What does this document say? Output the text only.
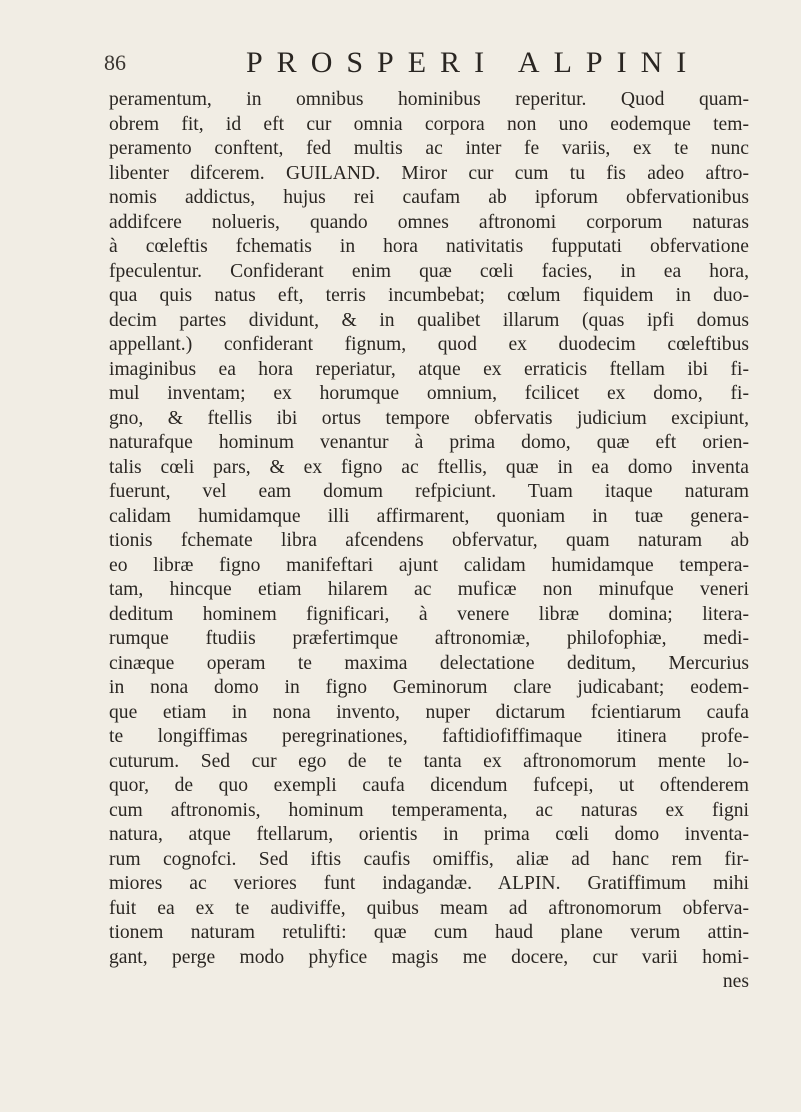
86	PROSPERI ALPINI
peramentum, in omnibus hominibus reperitur. Quod quam-
obrem fit, id eft cur omnia corpora non uno eodemque tem-
peramento conftent, fed multis ac inter fe variis, ex te nunc
libenter difcerem. GUILAND. Miror cur cum tu fis adeo aftro-
nomis addictus, hujus rei caufam ab ipforum obfervationibus
addifcere nolueris, quando omnes aftronomi corporum naturas
à cœleftis fchematis in hora nativitatis fupputati obfervatione
fpeculentur. Confiderant enim quæ cœli facies, in ea hora,
qua quis natus eft, terris incumbebat; cœlum fiquidem in duo-
decim partes dividunt, & in qualibet illarum (quas ipfi domus
appellant.) confiderant fignum, quod ex duodecim cœleftibus
imaginibus ea hora reperiatur, atque ex erraticis ftellam ibi fi-
mul inventam; ex horumque omnium, fcilicet ex domo, fi-
gno, & ftellis ibi ortus tempore obfervatis judicium excipiunt,
naturafque hominum venantur à prima domo, quæ eft orien-
talis cœli pars, & ex figno ac ftellis, quæ in ea domo inventa
fuerunt, vel eam domum refpiciunt. Tuam itaque naturam
calidam humidamque illi affirmarent, quoniam in tuæ genera-
tionis fchemate libra afcendens obfervatur, quam naturam ab
eo libræ figno manifeftari ajunt calidam humidamque tempera-
tam, hincque etiam hilarem ac muficæ non minufque veneri
deditum hominem fignificari, à venere libræ domina; litera-
rumque ftudiis præfertimque aftronomiæ, philofophiæ, medi-
cinæque operam te maxima delectatione deditum, Mercurius
in nona domo in figno Geminorum clare judicabant; eodem-
que etiam in nona invento, nuper dictarum fcientiarum caufa
te longiffimas peregrinationes, faftidiofiffimaque itinera profe-
cuturum. Sed cur ego de te tanta ex aftronomorum mente lo-
quor, de quo exempli caufa dicendum fufcepi, ut oftenderem
cum aftronomis, hominum temperamenta, ac naturas ex figni
natura, atque ftellarum, orientis in prima cœli domo inventa-
rum cognofci. Sed iftis caufis omiffis, aliæ ad hanc rem fir-
miores ac veriores funt indagandæ. ALPIN. Gratiffimum mihi
fuit ea ex te audiviffe, quibus meam ad aftronomorum obferva-
tionem naturam retulifti: quæ cum haud plane verum attin-
gant, perge modo phyfice magis me docere, cur varii homi-
nes
